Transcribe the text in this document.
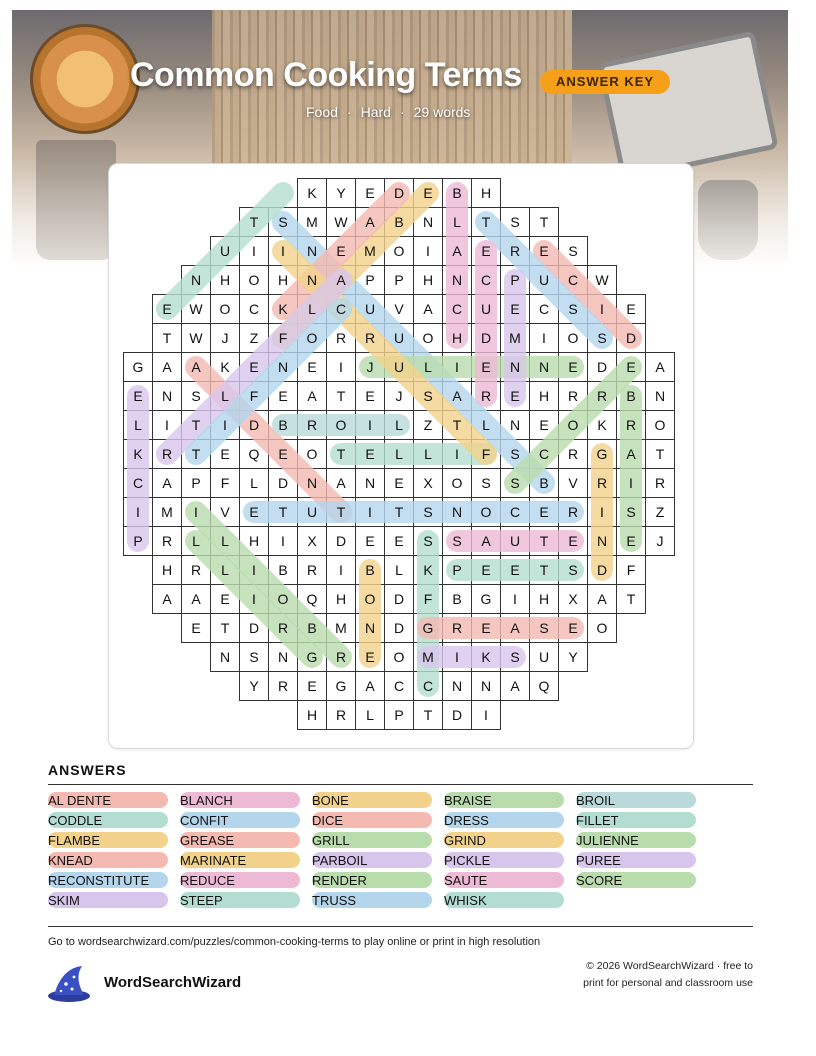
Common Cooking Terms	ANSWER KEY
Food · Hard · 29 words
K Y E D E B H
T S M W A B N L T S T
U I I N E M O I A E R E S
N H O H N A P P H N C P U C W
E W O C K L C U V A C U E C S I E
T W J Z F O R R U O H D M I O S D
G A A K E N E I J U L I E N N E D E A
E N S L F E A T E J S A R E H R R B N
L I T I D B R O I L Z T L N E O K R O
K R T E Q E O T E L L I F S C R G A T
C A P F L D N A N E X O S S B V R I R
I M I V E T U T I T S N O C E R I S Z
P R L L H I X D E E S S A U T E N E J
H R L I B R I B L K P E E T S D F
A A E I O Q H O D F B G I H X A T
E T D R B M N D G R E A S E O
N S N G R E O M I K S U Y
Y R E G A C C N N A Q
H R L P T D I
ANSWERS
AL DENTE	BLANCH	BONE	BRAISE	BROIL
CODDLE	CONFIT	DICE	DRESS	FILLET
FLAMBE	GREASE	GRILL	GRIND	JULIENNE
KNEAD	MARINATE	PARBOIL	PICKLE	PUREE
RECONSTITUTE	REDUCE	RENDER	SAUTE	SCORE
SKIM	STEEP	TRUSS	WHISK
Go to wordsearchwizard.com/puzzles/common-cooking-terms to play online or print in high resolution
WordSearchWizard
© 2026 WordSearchWizard · free to print for personal and classroom use
